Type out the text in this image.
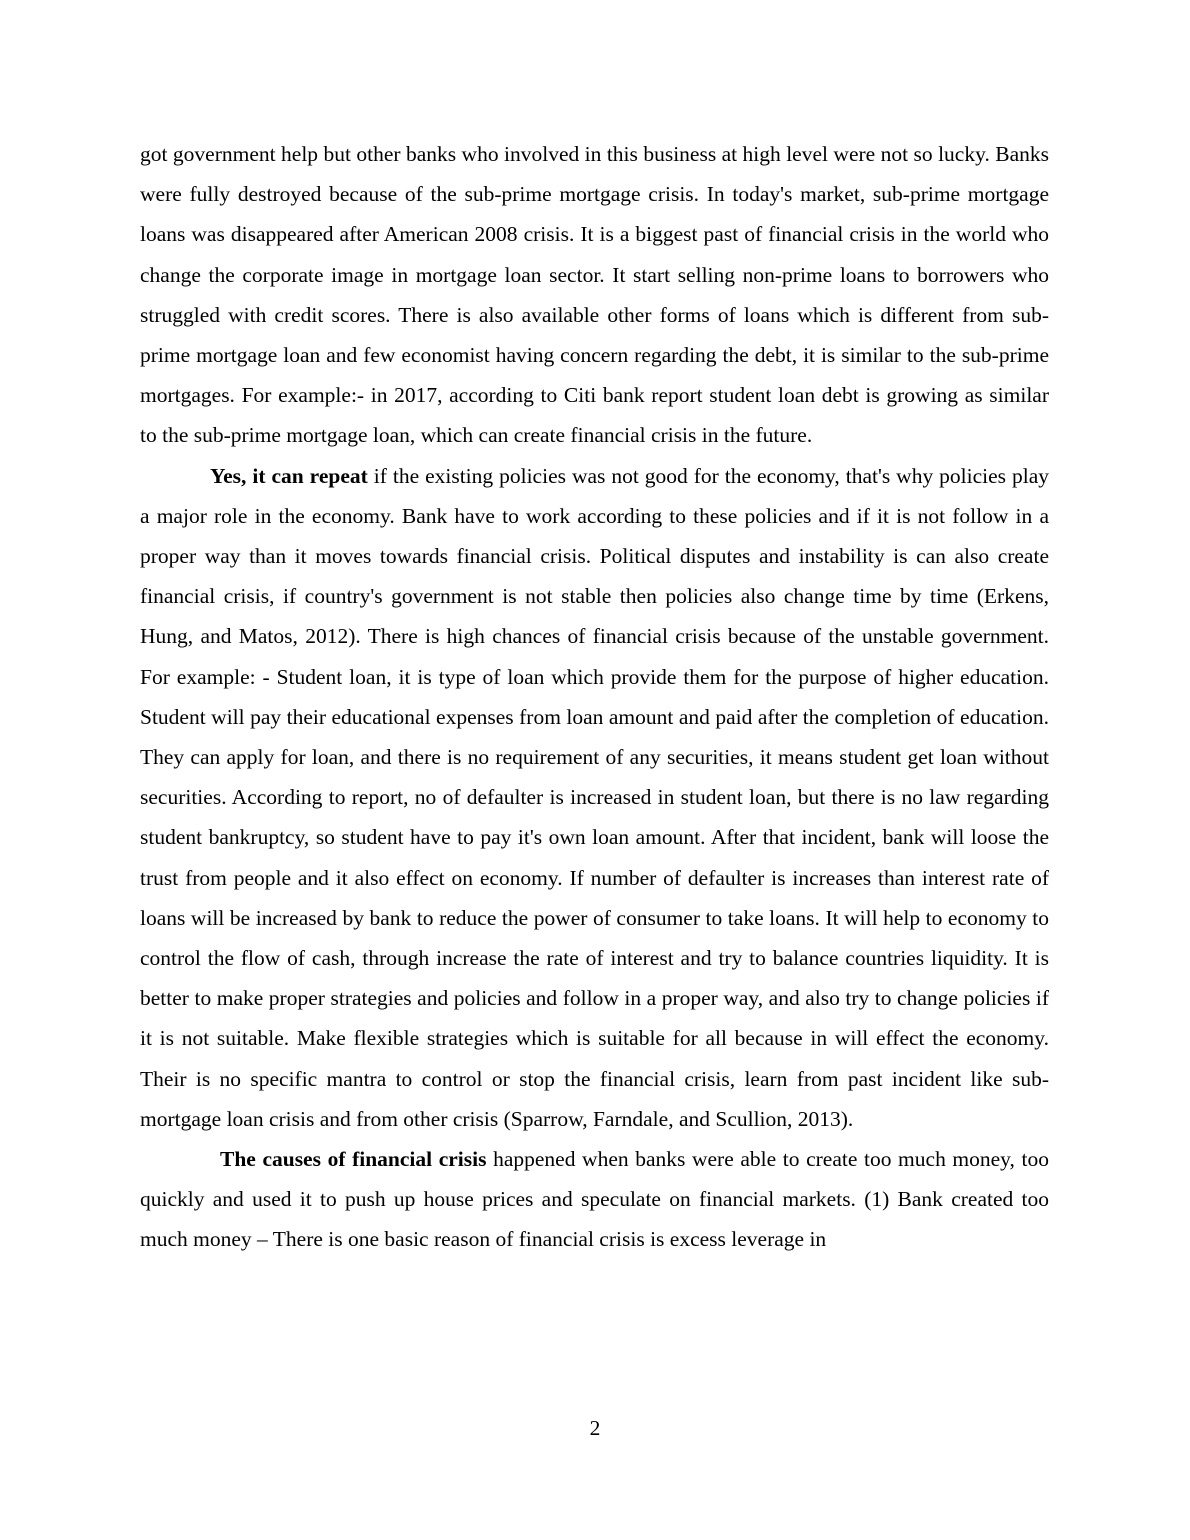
got government help but other banks who involved in this business at high level were not so lucky. Banks were fully destroyed because of the sub-prime mortgage crisis. In today's market, sub-prime mortgage loans was disappeared after American 2008 crisis. It is a biggest past of financial crisis in the world who change the corporate image in mortgage loan sector. It start selling non-prime loans to borrowers who struggled with credit scores. There is also available other forms of loans which is different from sub-prime mortgage loan and few economist having concern regarding the debt, it is similar to the sub-prime mortgages. For example:- in 2017, according to Citi bank report student loan debt is growing as similar to the sub-prime mortgage loan, which can create financial crisis in the future.

Yes, it can repeat if the existing policies was not good for the economy, that's why policies play a major role in the economy. Bank have to work according to these policies and if it is not follow in a proper way than it moves towards financial crisis. Political disputes and instability is can also create financial crisis, if country's government is not stable then policies also change time by time (Erkens, Hung, and Matos, 2012). There is high chances of financial crisis because of the unstable government. For example: - Student loan, it is type of loan which provide them for the purpose of higher education. Student will pay their educational expenses from loan amount and paid after the completion of education. They can apply for loan, and there is no requirement of any securities, it means student get loan without securities. According to report, no of defaulter is increased in student loan, but there is no law regarding student bankruptcy, so student have to pay it's own loan amount. After that incident, bank will loose the trust from people and it also effect on economy. If number of defaulter is increases than interest rate of loans will be increased by bank to reduce the power of consumer to take loans. It will help to economy to control the flow of cash, through increase the rate of interest and try to balance countries liquidity. It is better to make proper strategies and policies and follow in a proper way, and also try to change policies if it is not suitable. Make flexible strategies which is suitable for all because in will effect the economy. Their is no specific mantra to control or stop the financial crisis, learn from past incident like sub-mortgage loan crisis and from other crisis (Sparrow, Farndale, and Scullion, 2013).

The causes of financial crisis happened when banks were able to create too much money, too quickly and used it to push up house prices and speculate on financial markets. (1) Bank created too much money – There is one basic reason of financial crisis is excess leverage in

2
